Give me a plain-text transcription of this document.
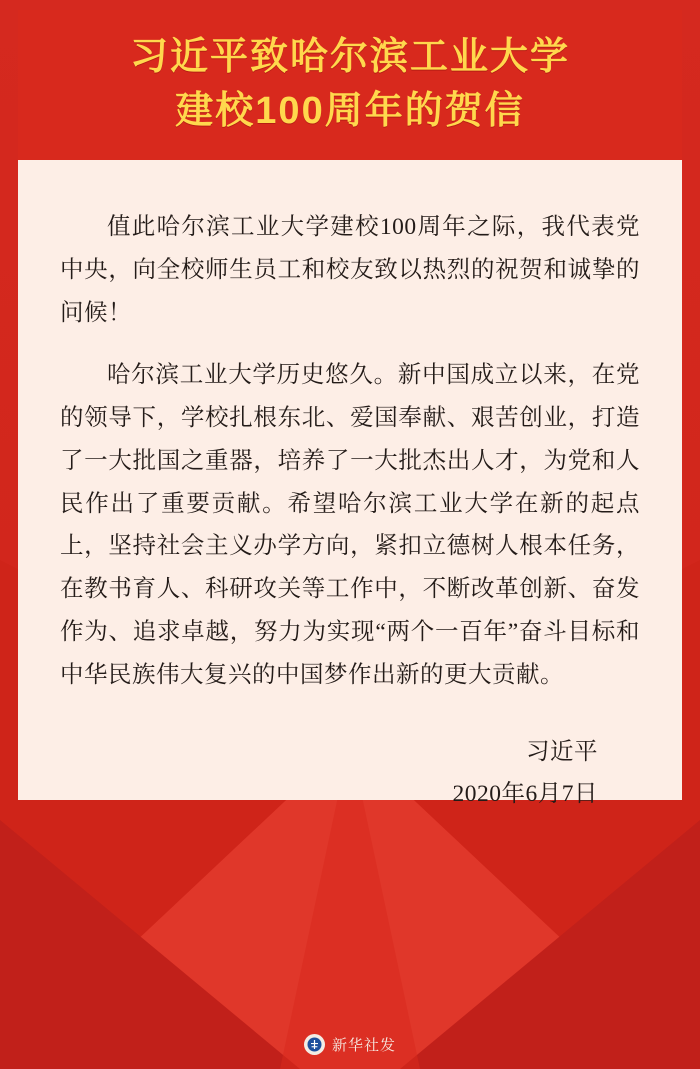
习近平致哈尔滨工业大学
建校100周年的贺信

值此哈尔滨工业大学建校100周年之际，我代表党中央，向全校师生员工和校友致以热烈的祝贺和诚挚的问候！

哈尔滨工业大学历史悠久。新中国成立以来，在党的领导下，学校扎根东北、爱国奉献、艰苦创业，打造了一大批国之重器，培养了一大批杰出人才，为党和人民作出了重要贡献。希望哈尔滨工业大学在新的起点上，坚持社会主义办学方向，紧扣立德树人根本任务，在教书育人、科研攻关等工作中，不断改革创新、奋发作为、追求卓越，努力为实现“两个一百年”奋斗目标和中华民族伟大复兴的中国梦作出新的更大贡献。

习近平
2020年6月7日
新华社发
